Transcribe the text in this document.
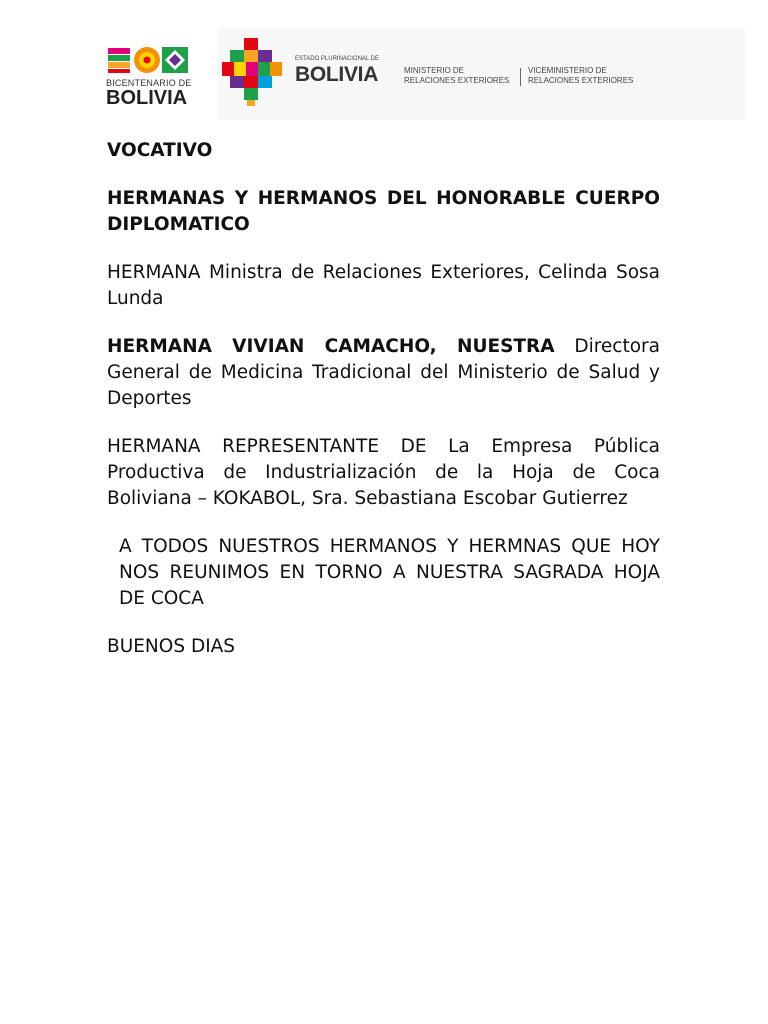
BICENTENARIO DE
BOLIVIA
ESTADO PLURINACIONAL DE
BOLIVIA	MINISTERIO DE
RELACIONES EXTERIORES
VICEMINISTERIO DE
RELACIONES EXTERIORES

VOCATIVO

HERMANAS Y HERMANOS DEL HONORABLE CUERPO DIPLOMATICO

HERMANA Ministra de Relaciones Exteriores, Celinda Sosa Lunda

HERMANA VIVIAN CAMACHO, NUESTRA Directora General de Medicina Tradicional del Ministerio de Salud y Deportes

HERMANA REPRESENTANTE DE La Empresa Pública Productiva de Industrialización de la Hoja de Coca Boliviana – KOKABOL, Sra. Sebastiana Escobar Gutierrez

A TODOS NUESTROS HERMANOS Y HERMNAS QUE HOY NOS REUNIMOS EN TORNO A NUESTRA SAGRADA HOJA DE COCA

BUENOS DIAS
